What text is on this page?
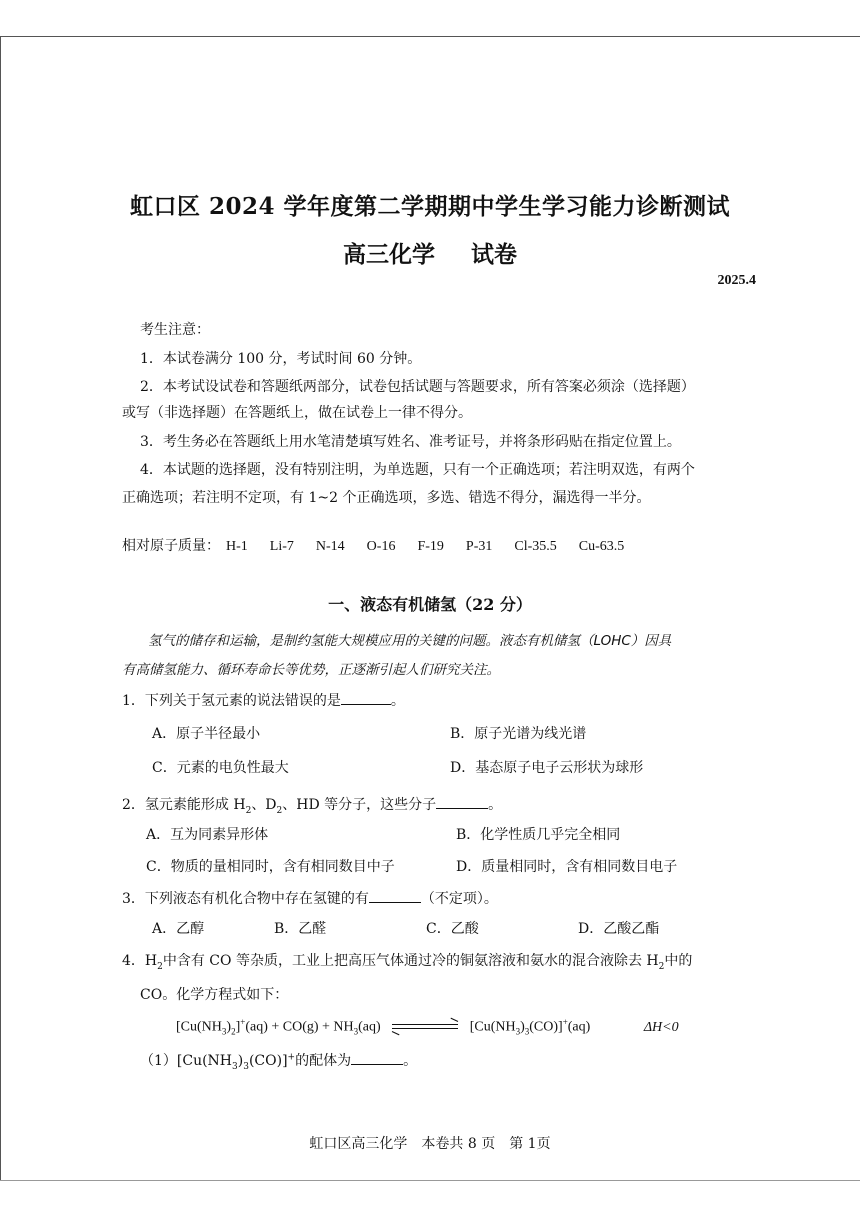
虹口区 2024 学年度第二学期期中学生学习能力诊断测试
高三化学 试卷
2025.4
考生注意：
1．本试卷满分 100 分，考试时间 60 分钟。
2．本考试设试卷和答题纸两部分，试卷包括试题与答题要求，所有答案必须涂（选择题）
或写（非选择题）在答题纸上，做在试卷上一律不得分。
3．考生务必在答题纸上用水笔清楚填写姓名、准考证号，并将条形码贴在指定位置上。
4．本试题的选择题，没有特别注明，为单选题，只有一个正确选项；若注明双选，有两个
正确选项；若注明不定项，有 1~2 个正确选项，多选、错选不得分，漏选得一半分。
相对原子质量： H-1 Li-7 N-14 O-16 F-19 P-31 Cl-35.5 Cu-63.5
一、液态有机储氢（22 分）
氢气的储存和运输，是制约氢能大规模应用的关键的问题。液态有机储氢（LOHC）因具
有高储氢能力、循环寿命长等优势，正逐渐引起人们研究关注。
1．下列关于氢元素的说法错误的是	。
A．原子半径最小	B．原子光谱为线光谱
C．元素的电负性最大	D．基态原子电子云形状为球形
2．氢元素能形成 $H_2$、$D_2$、HD 等分子，这些分子	。
A．互为同素异形体	B．化学性质几乎完全相同
C．物质的量相同时，含有相同数目中子	D．质量相同时，含有相同数目电子
3．下列液态有机化合物中存在氢键的有	（不定项）。
A．乙醇	B．乙醛	C．乙酸	D．乙酸乙酯
4．$H_2$中含有 CO 等杂质，工业上把高压气体通过冷的铜氨溶液和氨水的混合液除去 $H_2$中的
CO。化学方程式如下：
$[Cu(NH_3)_2]^+(aq) + CO(g) + NH_3(aq)$	$[Cu(NH_3)_3(CO)]^+(aq)$	ΔH<0
$(1)[Cu(NH_3)_3(CO)]^+$的配体为	。
虹口区高三化学　本卷共 8 页　第 1页
